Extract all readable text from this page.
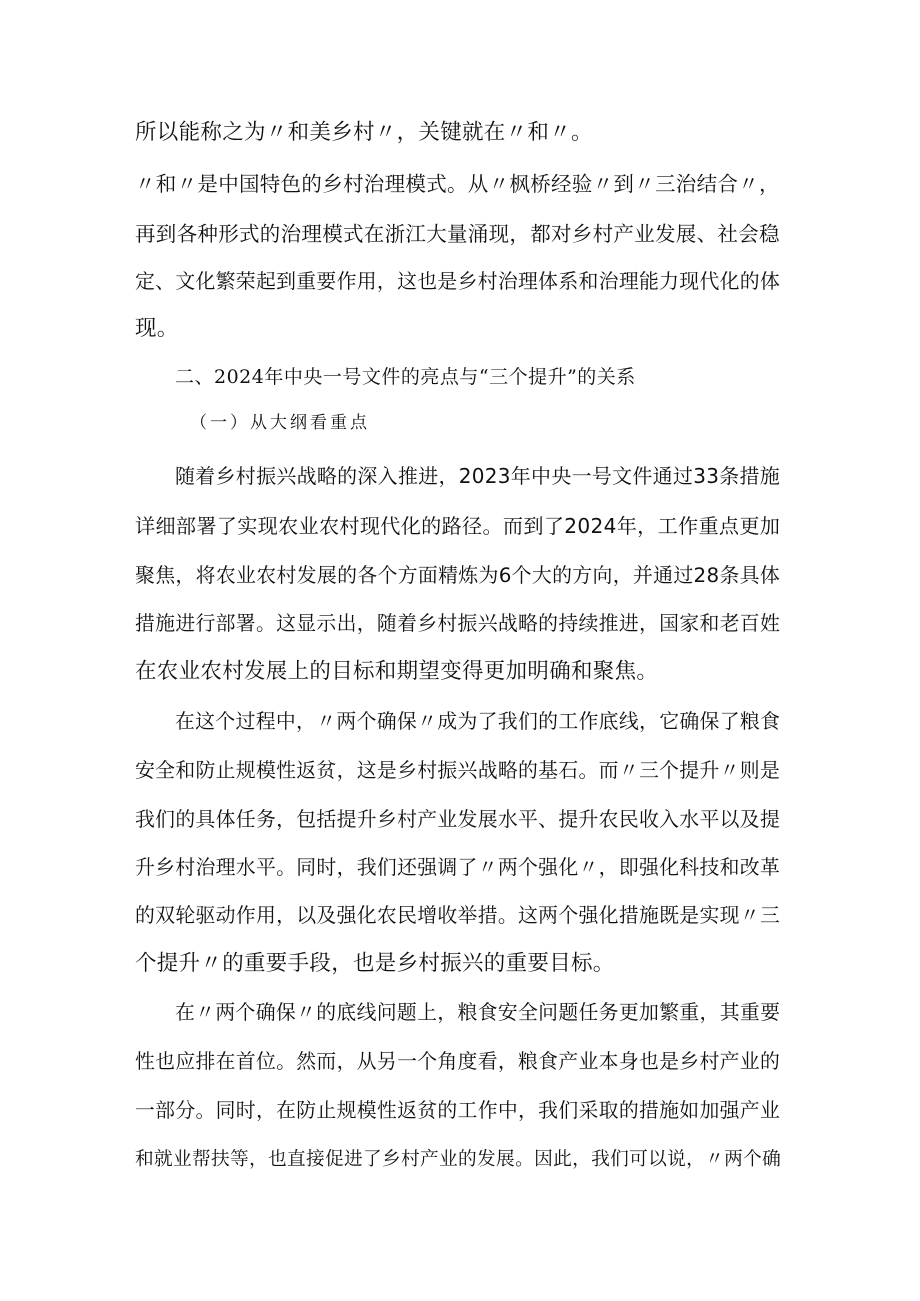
所以能称之为〃和美乡村〃，关键就在〃和〃。
〃和〃是中国特色的乡村治理模式。从〃枫桥经验〃到〃三治结合〃，
再到各种形式的治理模式在浙江大量涌现，都对乡村产业发展、社会稳
定、文化繁荣起到重要作用，这也是乡村治理体系和治理能力现代化的体
现。
二、2024年中央一号文件的亮点与“三个提升”的关系
（一）从大纲看重点
随着乡村振兴战略的深入推进，2023年中央一号文件通过33条措施
详细部署了实现农业农村现代化的路径。而到了2024年，工作重点更加
聚焦，将农业农村发展的各个方面精炼为6个大的方向，并通过28条具体
措施进行部署。这显示出，随着乡村振兴战略的持续推进，国家和老百姓
在农业农村发展上的目标和期望变得更加明确和聚焦。
在这个过程中，〃两个确保〃成为了我们的工作底线，它确保了粮食
安全和防止规模性返贫，这是乡村振兴战略的基石。而〃三个提升〃则是
我们的具体任务，包括提升乡村产业发展水平、提升农民收入水平以及提
升乡村治理水平。同时，我们还强调了〃两个强化〃，即强化科技和改革
的双轮驱动作用，以及强化农民增收举措。这两个强化措施既是实现〃三
个提升〃的重要手段，也是乡村振兴的重要目标。
在〃两个确保〃的底线问题上，粮食安全问题任务更加繁重，其重要
性也应排在首位。然而，从另一个角度看，粮食产业本身也是乡村产业的
一部分。同时，在防止规模性返贫的工作中，我们采取的措施如加强产业
和就业帮扶等，也直接促进了乡村产业的发展。因此，我们可以说，〃两个确
